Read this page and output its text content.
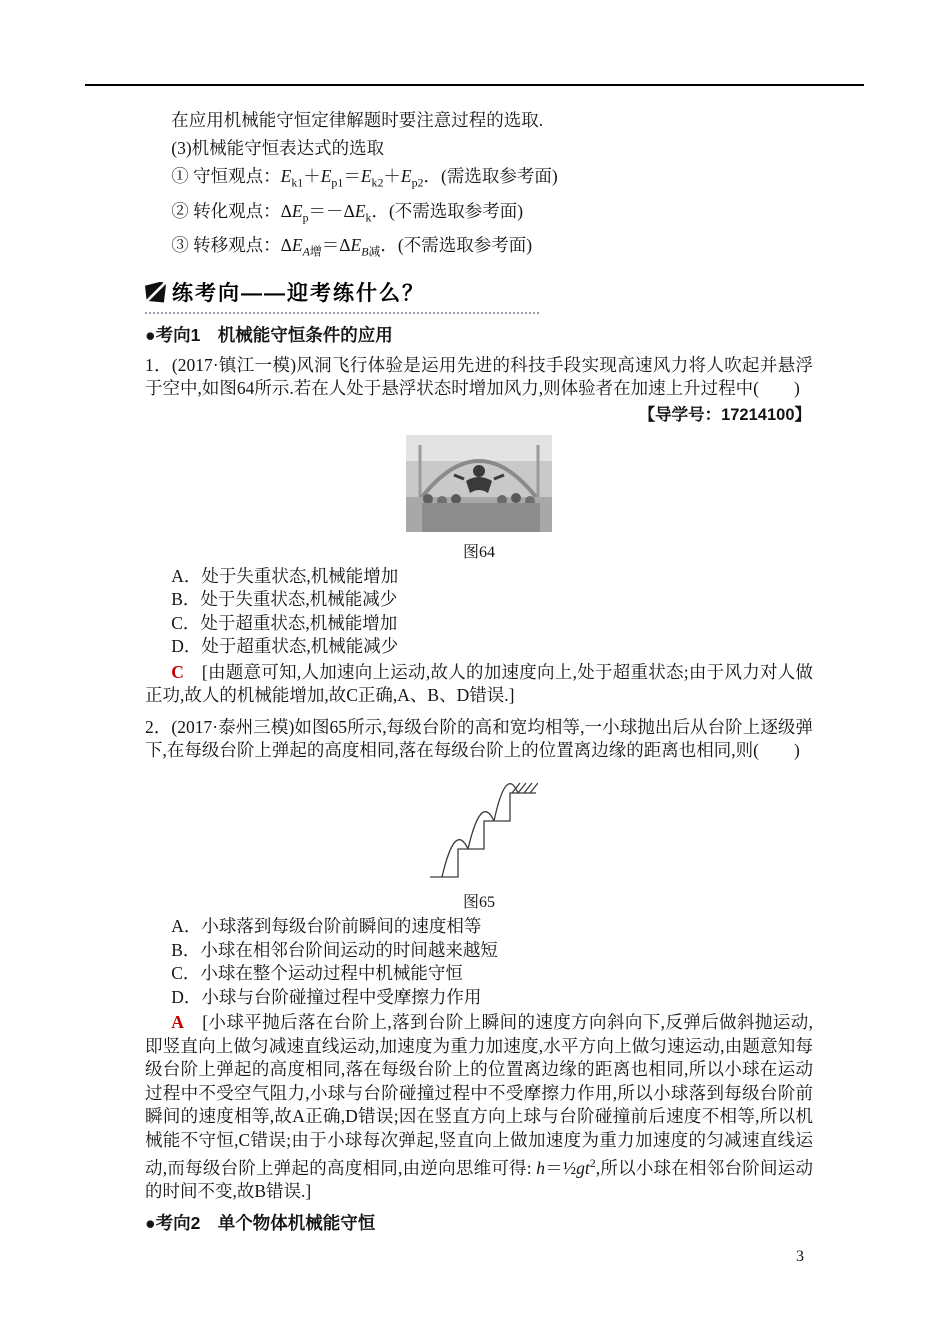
在应用机械能守恒定律解题时要注意过程的选取.

(3)机械能守恒表达式的选取

① 守恒观点：$E_{k1}+E_{p1}=E_{k2}+E_{p2}$．(需选取参考面)

② 转化观点：$\Delta E_p=-\Delta E_k$．(不需选取参考面)

③ 转移观点：$\Delta E_{A增}=\Delta E_{B减}$．(不需选取参考面)

练考向——迎考练什么？

●考向1　机械能守恒条件的应用

1．(2017·镇江一模)风洞飞行体验是运用先进的科技手段实现高速风力将人吹起并悬浮于空中,如图64所示.若在人处于悬浮状态时增加风力,则体验者在加速上升过程中(　　)

【导学号：17214100】

图64

A．处于失重状态,机械能增加

B．处于失重状态,机械能减少

C．处于超重状态,机械能增加

D．处于超重状态,机械能减少

C　[由题意可知,人加速向上运动,故人的加速度向上,处于超重状态;由于风力对人做正功,故人的机械能增加,故C正确,A、B、D错误.]

2．(2017·泰州三模)如图65所示,每级台阶的高和宽均相等,一小球抛出后从台阶上逐级弹下,在每级台阶上弹起的高度相同,落在每级台阶上的位置离边缘的距离也相同,则(　　)

图65

A．小球落到每级台阶前瞬间的速度相等

B．小球在相邻台阶间运动的时间越来越短

C．小球在整个运动过程中机械能守恒

D．小球与台阶碰撞过程中受摩擦力作用

A　[小球平抛后落在台阶上,落到台阶上瞬间的速度方向斜向下,反弹后做斜抛运动,即竖直向上做匀减速直线运动,加速度为重力加速度,水平方向上做匀速运动,由题意知每级台阶上弹起的高度相同,落在每级台阶上的位置离边缘的距离也相同,所以小球在运动过程中不受空气阻力,小球与台阶碰撞过程中不受摩擦力作用,所以小球落到每级台阶前瞬间的速度相等,故A正确,D错误;因在竖直方向上球与台阶碰撞前后速度不相等,所以机械能不守恒,C错误;由于小球每次弹起,竖直向上做加速度为重力加速度的匀减速直线运动,而每级台阶上弹起的高度相同,由逆向思维可得: $h=\frac{1}{2}gt^2$,所以小球在相邻台阶间运动的时间不变,故B错误.]

●考向2　单个物体机械能守恒

3
